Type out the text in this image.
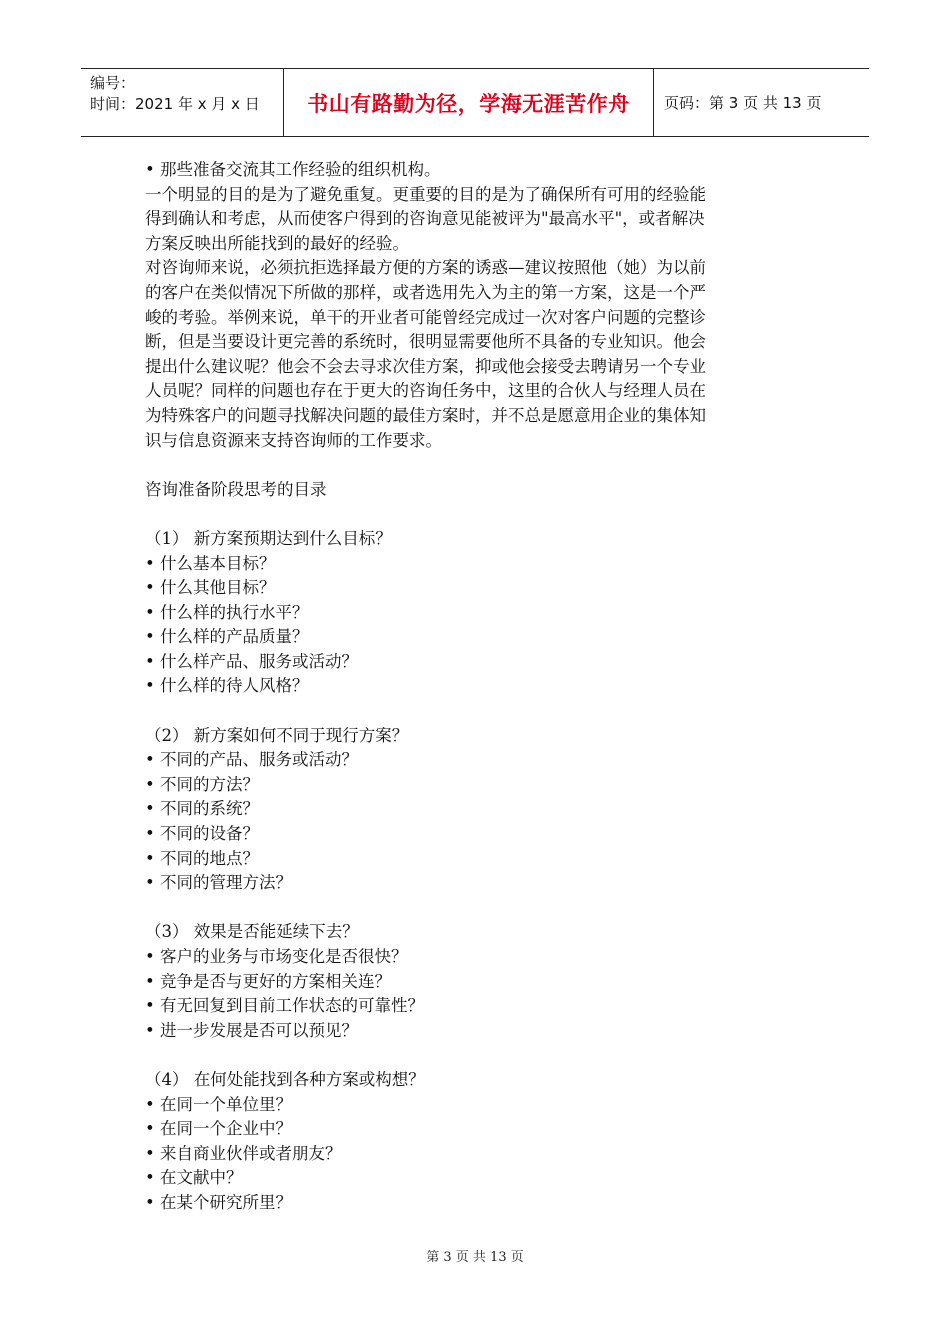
编号：
时间：2021 年 x 月 x 日	书山有路勤为径，学海无涯苦作舟	页码：第 3 页 共 13 页
• 那些准备交流其工作经验的组织机构。
一个明显的目的是为了避免重复。更重要的目的是为了确保所有可用的经验能
得到确认和考虑，从而使客户得到的咨询意见能被评为"最高水平"，或者解决
方案反映出所能找到的最好的经验。
对咨询师来说，必须抗拒选择最方便的方案的诱惑—建议按照他（她）为以前
的客户在类似情况下所做的那样，或者选用先入为主的第一方案，这是一个严
峻的考验。举例来说，单干的开业者可能曾经完成过一次对客户问题的完整诊
断，但是当要设计更完善的系统时，很明显需要他所不具备的专业知识。他会
提出什么建议呢？他会不会去寻求次佳方案，抑或他会接受去聘请另一个专业
人员呢？同样的问题也存在于更大的咨询任务中，这里的合伙人与经理人员在
为特殊客户的问题寻找解决问题的最佳方案时，并不总是愿意用企业的集体知
识与信息资源来支持咨询师的工作要求。
咨询准备阶段思考的目录
（1） 新方案预期达到什么目标？
• 什么基本目标？
• 什么其他目标？
• 什么样的执行水平？
• 什么样的产品质量？
• 什么样产品、服务或活动？
• 什么样的待人风格？
（2） 新方案如何不同于现行方案？
• 不同的产品、服务或活动？
• 不同的方法？
• 不同的系统？
• 不同的设备？
• 不同的地点？
• 不同的管理方法？
（3） 效果是否能延续下去？
• 客户的业务与市场变化是否很快？
• 竞争是否与更好的方案相关连？
• 有无回复到目前工作状态的可靠性？
• 进一步发展是否可以预见？
（4） 在何处能找到各种方案或构想？
• 在同一个单位里？
• 在同一个企业中？
• 来自商业伙伴或者朋友？
• 在文献中？
• 在某个研究所里？
第 3 页 共 13 页
